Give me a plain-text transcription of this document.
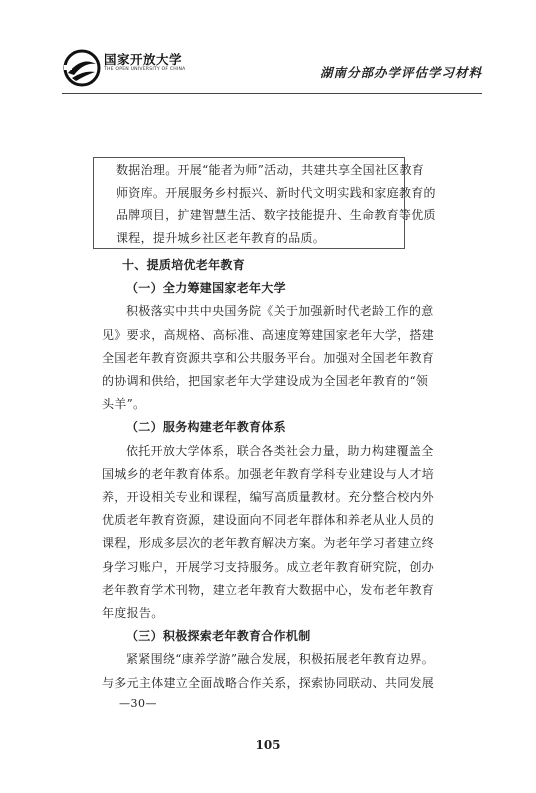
国家开放大学
THE OPEN UNIVERSITY OF CHINA	湖南分部办学评估学习材料

数据治理。开展“能者为师”活动，共建共享全国社区教育

师资库。开展服务乡村振兴、新时代文明实践和家庭教育的

品牌项目，扩建智慧生活、数字技能提升、生命教育等优质

课程，提升城乡社区老年教育的品质。

十、提质培优老年教育

（一）全力筹建国家老年大学

积极落实中共中央国务院《关于加强新时代老龄工作的意

见》要求，高规格、高标准、高速度筹建国家老年大学，搭建

全国老年教育资源共享和公共服务平台。加强对全国老年教育

的协调和供给，把国家老年大学建设成为全国老年教育的“领

头羊”。

（二）服务构建老年教育体系

依托开放大学体系，联合各类社会力量，助力构建覆盖全

国城乡的老年教育体系。加强老年教育学科专业建设与人才培

养，开设相关专业和课程，编写高质量教材。充分整合校内外

优质老年教育资源，建设面向不同老年群体和养老从业人员的

课程，形成多层次的老年教育解决方案。为老年学习者建立终

身学习账户，开展学习支持服务。成立老年教育研究院，创办

老年教育学术刊物，建立老年教育大数据中心，发布老年教育

年度报告。

（三）积极探索老年教育合作机制

紧紧围绕“康养学游”融合发展，积极拓展老年教育边界。

与多元主体建立全面战略合作关系，探索协同联动、共同发展

—30—
105
